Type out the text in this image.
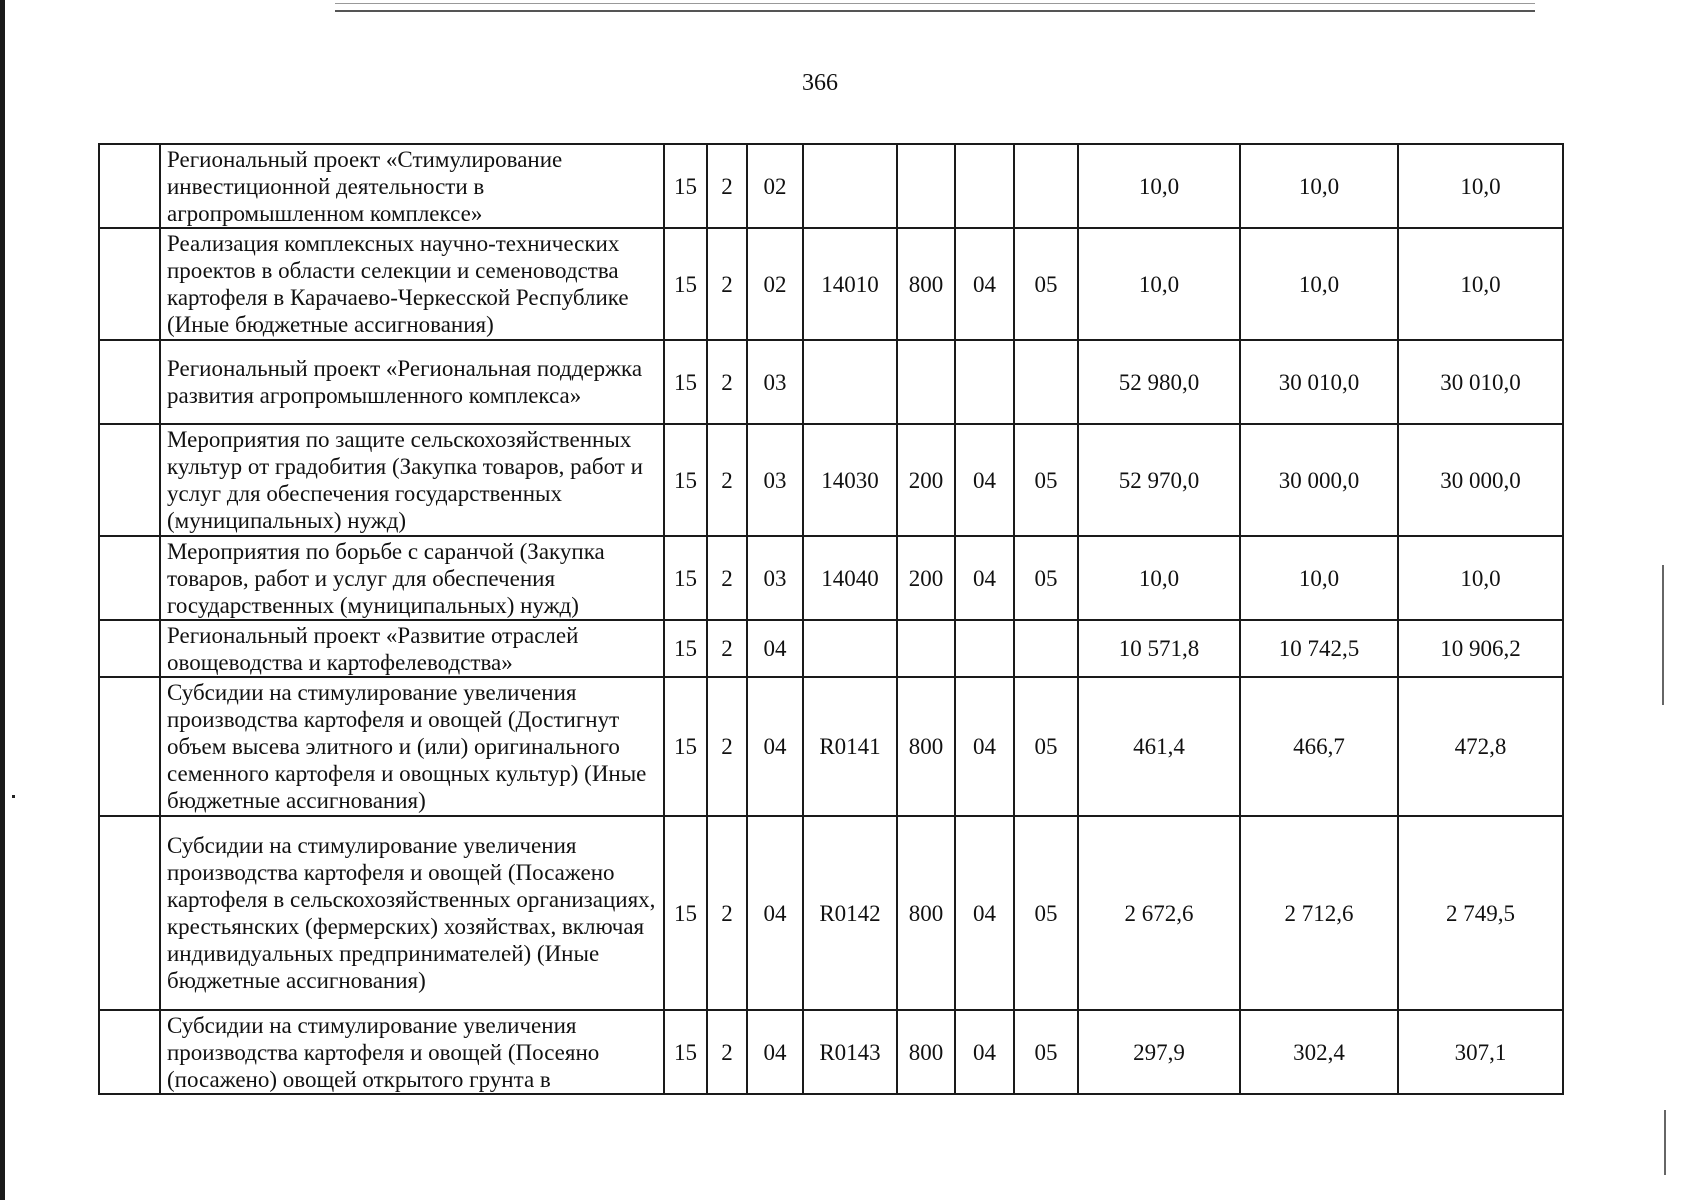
366
	Региональный проект «Стимулирование инвестиционной деятельности в агропромышленном комплексе»	15	2	02					10,0	10,0	10,0
	Реализация комплексных научно-технических проектов в области селекции и семеноводства картофеля в Карачаево-Черкесской Республике (Иные бюджетные ассигнования)	15	2	02	14010	800	04	05	10,0	10,0	10,0
	Региональный проект «Региональная поддержка развития агропромышленного комплекса»	15	2	03					52 980,0	30 010,0	30 010,0
	Мероприятия по защите сельскохозяйственных культур от градобития (Закупка товаров, работ и услуг для обеспечения государственных (муниципальных) нужд)	15	2	03	14030	200	04	05	52 970,0	30 000,0	30 000,0
	Мероприятия по борьбе с саранчой (Закупка товаров, работ и услуг для обеспечения государственных (муниципальных) нужд)	15	2	03	14040	200	04	05	10,0	10,0	10,0
	Региональный проект «Развитие отраслей овощеводства и картофелеводства»	15	2	04					10 571,8	10 742,5	10 906,2
	Субсидии на стимулирование увеличения производства картофеля и овощей (Достигнут объем высева элитного и (или) оригинального семенного картофеля и овощных культур) (Иные бюджетные ассигнования)	15	2	04	R0141	800	04	05	461,4	466,7	472,8
	Субсидии на стимулирование увеличения производства картофеля и овощей (Посажено картофеля в сельскохозяйственных организациях, крестьянских (фермерских) хозяйствах, включая индивидуальных предпринимателей) (Иные бюджетные ассигнования)	15	2	04	R0142	800	04	05	2 672,6	2 712,6	2 749,5
	Субсидии на стимулирование увеличения производства картофеля и овощей (Посеяно (посажено) овощей открытого грунта в	15	2	04	R0143	800	04	05	297,9	302,4	307,1
